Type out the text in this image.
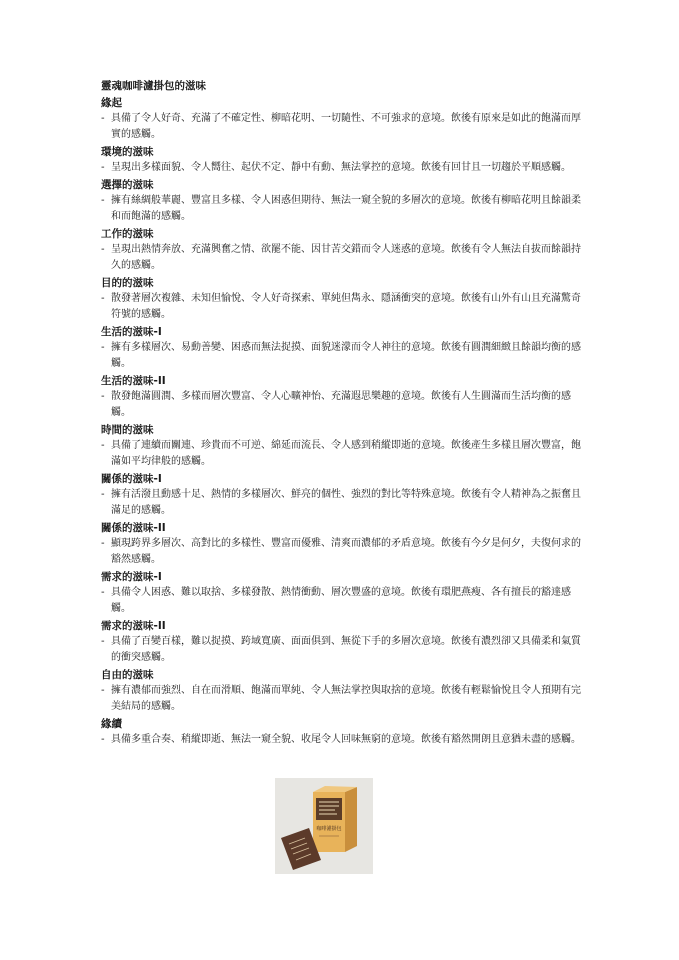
靈魂咖啡濾掛包的滋味
緣起
- 具備了令人好奇、充滿了不確定性、柳暗花明、一切隨性、不可強求的意境。飲後有原來是如此的飽滿而厚實的感觸。
環境的滋味
- 呈現出多樣面貌、令人嚮往、起伏不定、靜中有動、無法掌控的意境。飲後有回甘且一切趨於平順感觸。
選擇的滋味
- 擁有絲綢般華麗、豐富且多樣、令人困惑但期待、無法一窺全貌的多層次的意境。飲後有柳暗花明且餘韻柔和而飽滿的感觸。
工作的滋味
- 呈現出熱情奔放、充滿興奮之情、欲罷不能、因甘苦交錯而令人迷惑的意境。飲後有令人無法自拔而餘韻持久的感觸。
目的的滋味
- 散發著層次複雜、未知但愉悅、令人好奇探索、單純但雋永、隱涵衝突的意境。飲後有山外有山且充滿驚奇符號的感觸。
生活的滋味-I
- 擁有多樣層次、易動善變、困惑而無法捉摸、面貌迷濛而令人神往的意境。飲後有圓潤細緻且餘韻均衡的感觸。
生活的滋味-II
- 散發飽滿圓潤、多樣而層次豐富、令人心曠神怡、充滿遐思樂趣的意境。飲後有人生圓滿而生活均衡的感觸。
時間的滋味
- 具備了連續而關連、珍貴而不可逆、綿延而流長、令人感到稍縱即逝的意境。飲後產生多樣且層次豐富，飽滿如平均律般的感觸。
關係的滋味-I
- 擁有活潑且動感十足、熱情的多樣層次、鮮亮的個性、強烈的對比等特殊意境。飲後有令人精神為之振奮且滿足的感觸。
關係的滋味-II
- 顯現跨界多層次、高對比的多樣性、豐富而優雅、清爽而濃郁的矛盾意境。飲後有今夕是何夕，夫復何求的豁然感觸。
需求的滋味-I
- 具備令人困惑、難以取捨、多樣發散、熱情衝動、層次豐盛的意境。飲後有環肥燕瘦、各有擅長的豁達感觸。
需求的滋味-II
- 具備了百變百樣，難以捉摸、跨域寬廣、面面俱到、無從下手的多層次意境。飲後有濃烈卻又具備柔和氣質的衝突感觸。
自由的滋味
- 擁有濃郁而強烈、自在而滑順、飽滿而單純、令人無法掌控與取捨的意境。飲後有輕鬆愉悅且令人預期有完美結局的感觸。
緣續
- 具備多重合奏、稍縱即逝、無法一窺全貌、收尾令人回味無窮的意境。飲後有豁然開朗且意猶未盡的感觸。
咖啡濾掛包
